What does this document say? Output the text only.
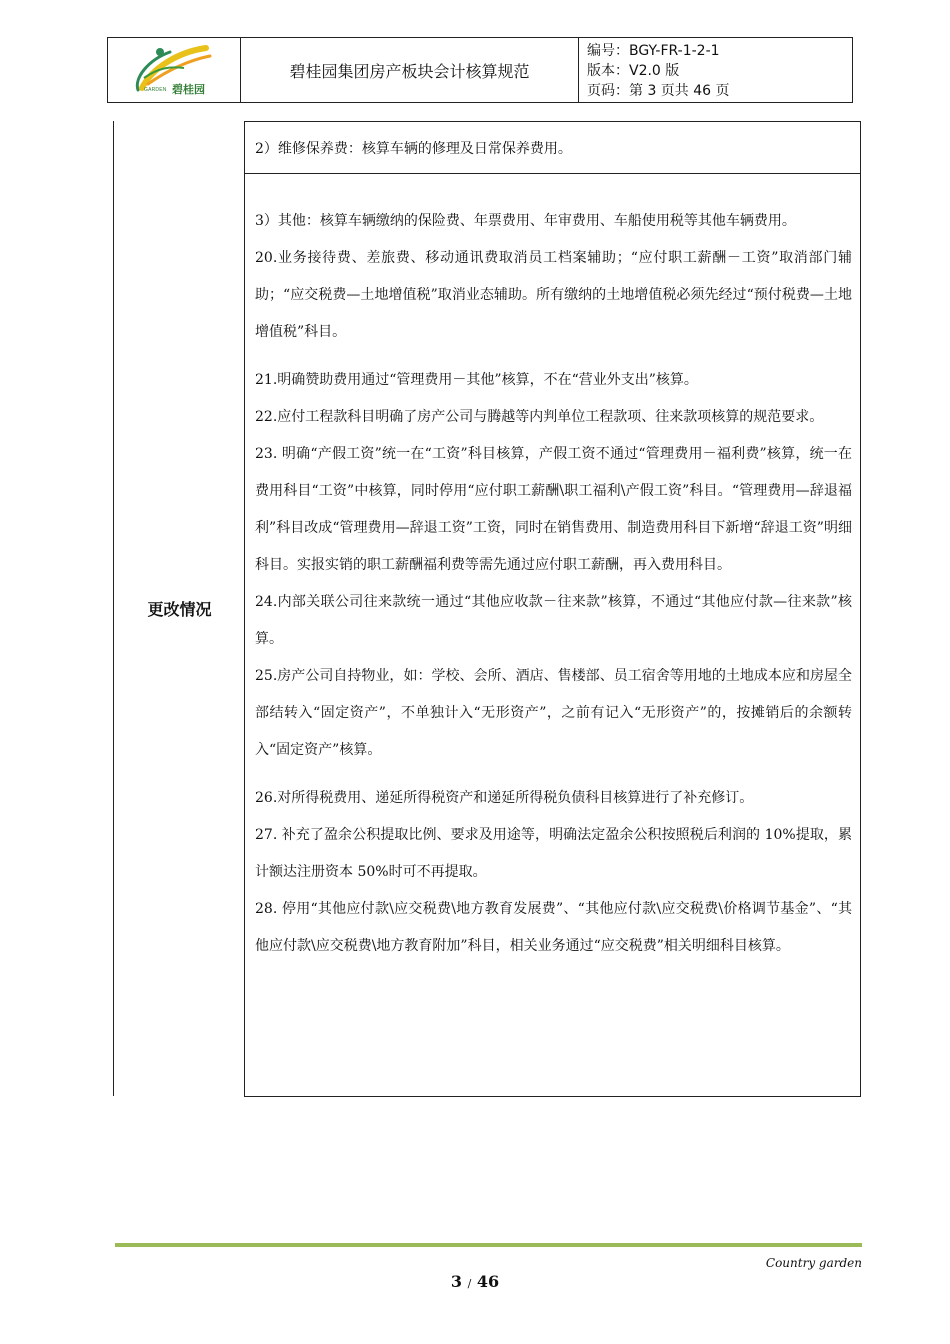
GARDEN 碧桂园
碧桂园集团房产板块会计核算规范
编号：BGY-FR-1-2-1
版本：V2.0 版
页码：第 3 页共 46 页
更改情况
2）维修保养费：核算车辆的修理及日常保养费用。

3）其他：核算车辆缴纳的保险费、年票费用、年审费用、车船使用税等其他车辆费用。

20.业务接待费、差旅费、移动通讯费取消员工档案辅助；“应付职工薪酬－工资”取消部门辅助；“应交税费—土地增值税”取消业态辅助。所有缴纳的土地增值税必须先经过“预付税费—土地增值税”科目。

21.明确赞助费用通过“管理费用－其他”核算，不在“营业外支出”核算。

22.应付工程款科目明确了房产公司与腾越等内判单位工程款项、往来款项核算的规范要求。

23. 明确“产假工资”统一在“工资”科目核算，产假工资不通过“管理费用－福利费”核算，统一在费用科目“工资”中核算，同时停用“应付职工薪酬\职工福利\产假工资”科目。“管理费用—辞退福利”科目改成“管理费用—辞退工资”工资，同时在销售费用、制造费用科目下新增“辞退工资”明细科目。实报实销的职工薪酬福利费等需先通过应付职工薪酬，再入费用科目。

24.内部关联公司往来款统一通过“其他应收款－往来款”核算，不通过“其他应付款—往来款”核算。

25.房产公司自持物业，如：学校、会所、酒店、售楼部、员工宿舍等用地的土地成本应和房屋全部结转入“固定资产”，不单独计入“无形资产”，之前有记入“无形资产”的，按摊销后的余额转入“固定资产”核算。

26.对所得税费用、递延所得税资产和递延所得税负债科目核算进行了补充修订。

27. 补充了盈余公积提取比例、要求及用途等，明确法定盈余公积按照税后利润的 10%提取，累计额达注册资本 50%时可不再提取。

28. 停用“其他应付款\应交税费\地方教育发展费”、“其他应付款\应交税费\价格调节基金”、“其他应付款\应交税费\地方教育附加”科目，相关业务通过“应交税费”相关明细科目核算。

Country garden
3 / 46
